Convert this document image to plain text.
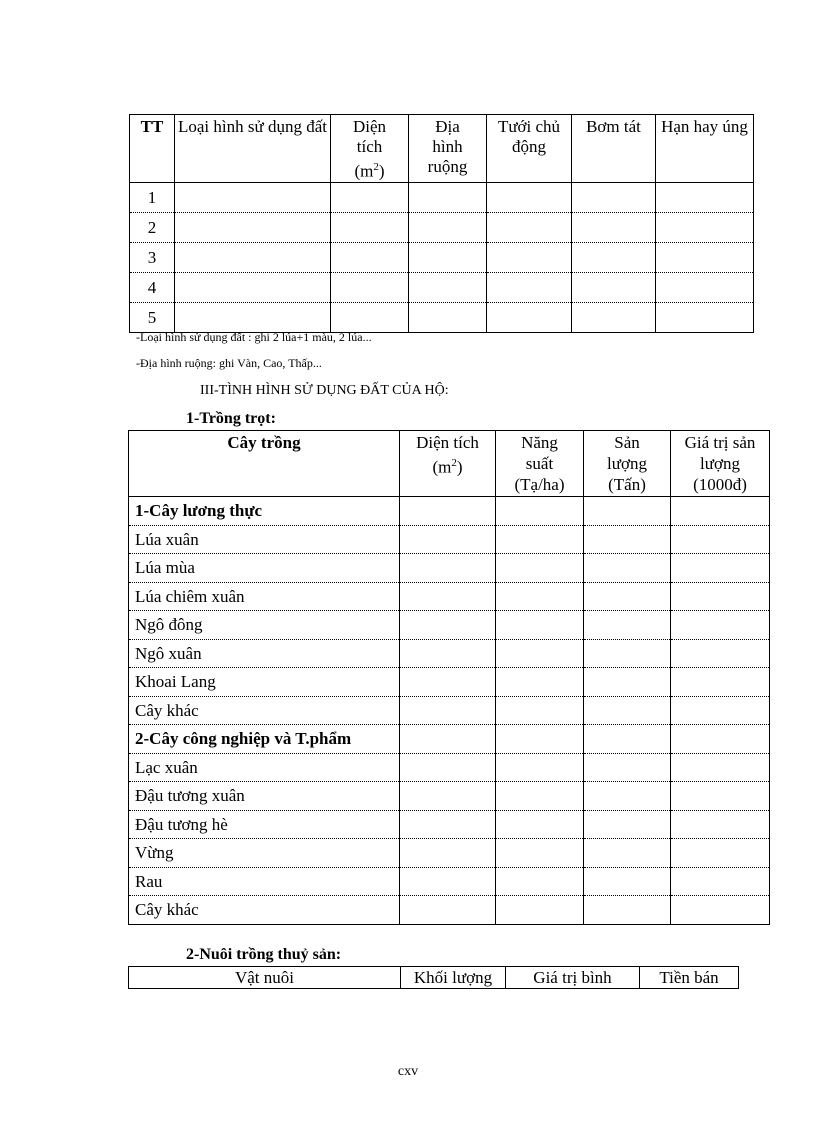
TT	Loại hình sử dụng đất	Diện
tích
$(m^2)$	Địa
hình
ruộng	Tưới chủ động	Bơm tát	Hạn hay úng
1						
2						
3						
4						
5						
-Loại hình sử dụng đất : ghi 2 lúa+1 màu, 2 lúa...
-Địa hình ruộng: ghi Vàn, Cao, Thấp...
III-TÌNH HÌNH SỬ DỤNG ĐẤT CỦA HỘ:
1-Trồng trọt:
Cây trồng	Diện tích
$(m^2)$	Năng
suất
(Tạ/ha)	Sản
lượng
(Tấn)	Giá trị sản
lượng
(1000đ)
1-Cây lương thực				
Lúa xuân				
Lúa mùa				
Lúa chiêm xuân				
Ngô đông				
Ngô xuân				
Khoai Lang				
Cây khác				
2-Cây công nghiệp và T.phẩm				
Lạc xuân				
Đậu tương xuân				
Đậu tương hè				
Vừng				
Rau				
Cây khác				
2-Nuôi trồng thuỷ sản:
Vật nuôi	Khối lượng	Giá trị bình	Tiền bán
cxv
